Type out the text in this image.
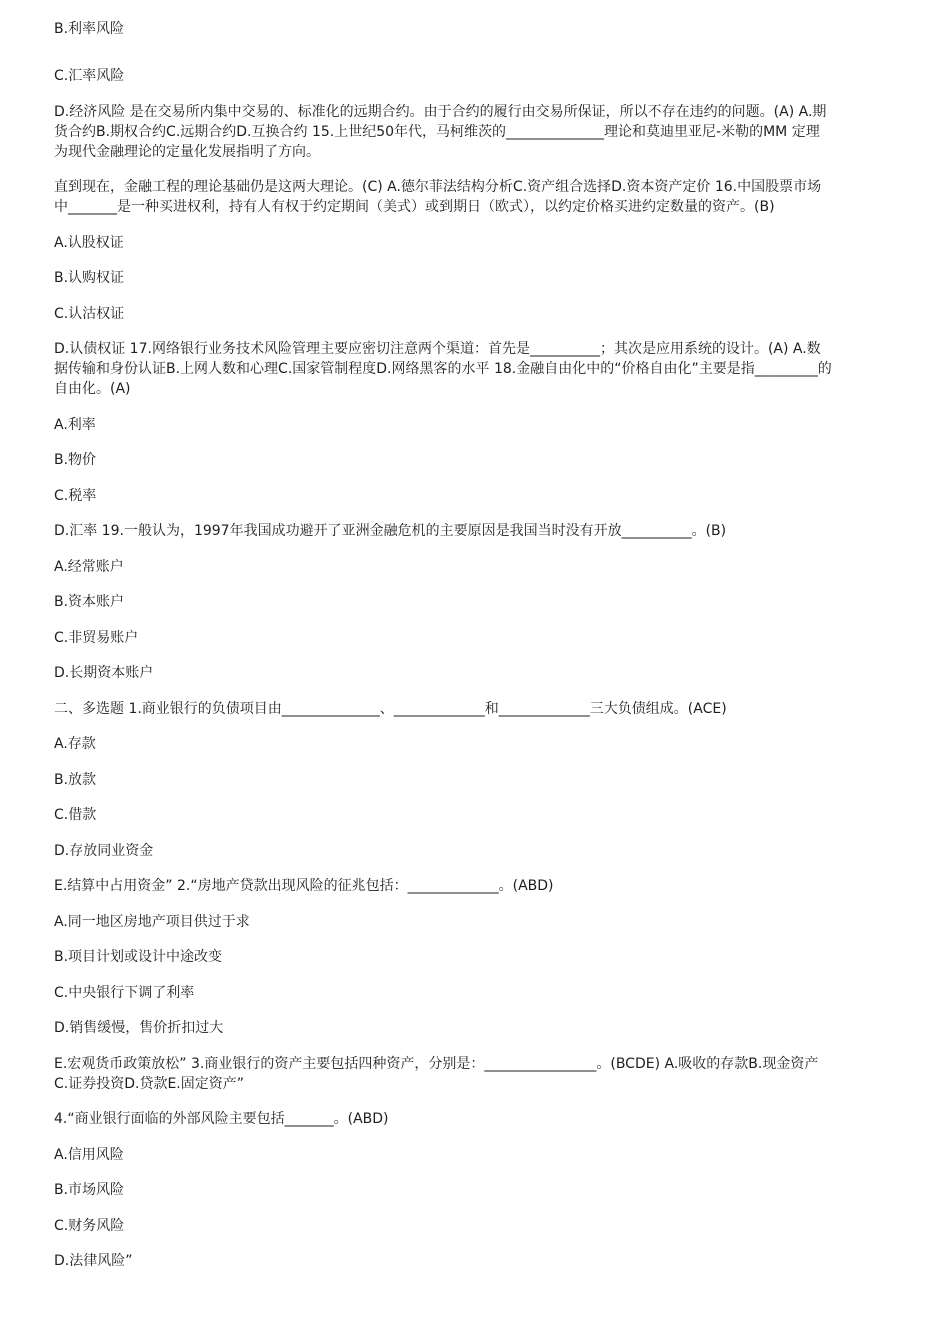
B.利率风险
C.汇率风险
D.经济风险 是在交易所内集中交易的、标准化的远期合约。由于合约的履行由交易所保证，所以不存在违约的问题。(A) A.期
货合约B.期权合约C.远期合约D.互换合约 15.上世纪50年代，马柯维茨的______________理论和莫迪里亚尼-米勒的MM 定理
为现代金融理论的定量化发展指明了方向。
直到现在，金融工程的理论基础仍是这两大理论。(C) A.德尔菲法结构分析C.资产组合选择D.资本资产定价 16.中国股票市场
中_______是一种买进权利，持有人有权于约定期间（美式）或到期日（欧式），以约定价格买进约定数量的资产。(B)
A.认股权证
B.认购权证
C.认沽权证
D.认债权证 17.网络银行业务技术风险管理主要应密切注意两个渠道：首先是__________；其次是应用系统的设计。(A) A.数
据传输和身份认证B.上网人数和心理C.国家管制程度D.网络黑客的水平 18.金融自由化中的“价格自由化”主要是指_________的
自由化。(A)
A.利率
B.物价
C.税率
D.汇率 19.一般认为，1997年我国成功避开了亚洲金融危机的主要原因是我国当时没有开放__________。(B)
A.经常账户
B.资本账户
C.非贸易账户
D.长期资本账户
二、多选题 1.商业银行的负债项目由______________、_____________和_____________三大负债组成。(ACE)
A.存款
B.放款
C.借款
D.存放同业资金
E.结算中占用资金” 2.“房地产贷款出现风险的征兆包括：_____________。(ABD)
A.同一地区房地产项目供过于求
B.项目计划或设计中途改变
C.中央银行下调了利率
D.销售缓慢，售价折扣过大
E.宏观货币政策放松” 3.商业银行的资产主要包括四种资产，分别是：________________。(BCDE) A.吸收的存款B.现金资产
C.证券投资D.贷款E.固定资产”
4.“商业银行面临的外部风险主要包括_______。(ABD)
A.信用风险
B.市场风险
C.财务风险
D.法律风险”
